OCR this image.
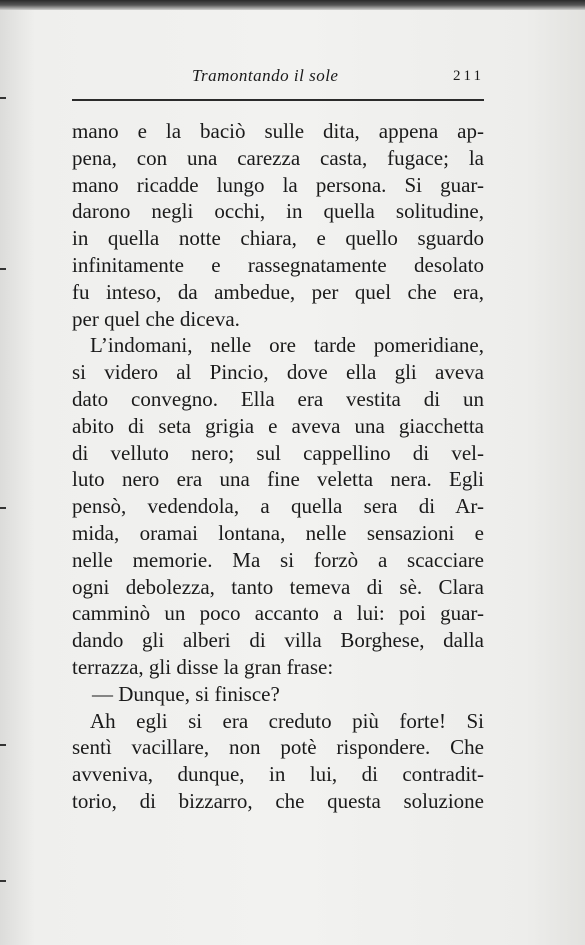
Tramontando il sole	211
mano e la baciò sulle dita, appena ap-
pena, con una carezza casta, fugace; la
mano ricadde lungo la persona. Si guar-
darono negli occhi, in quella solitudine,
in quella notte chiara, e quello sguardo
infinitamente e rassegnatamente desolato
fu inteso, da ambedue, per quel che era,
per quel che diceva.
L’indomani, nelle ore tarde pomeridiane,
si videro al Pincio, dove ella gli aveva
dato convegno. Ella era vestita di un
abito di seta grigia e aveva una giacchetta
di velluto nero; sul cappellino di vel-
luto nero era una fine veletta nera. Egli
pensò, vedendola, a quella sera di Ar-
mida, oramai lontana, nelle sensazioni e
nelle memorie. Ma si forzò a scacciare
ogni debolezza, tanto temeva di sè. Clara
camminò un poco accanto a lui: poi guar-
dando gli alberi di villa Borghese, dalla
terrazza, gli disse la gran frase:
— Dunque, si finisce?
Ah egli si era creduto più forte! Si
sentì vacillare, non potè rispondere. Che
avveniva, dunque, in lui, di contradit-
torio, di bizzarro, che questa soluzione
